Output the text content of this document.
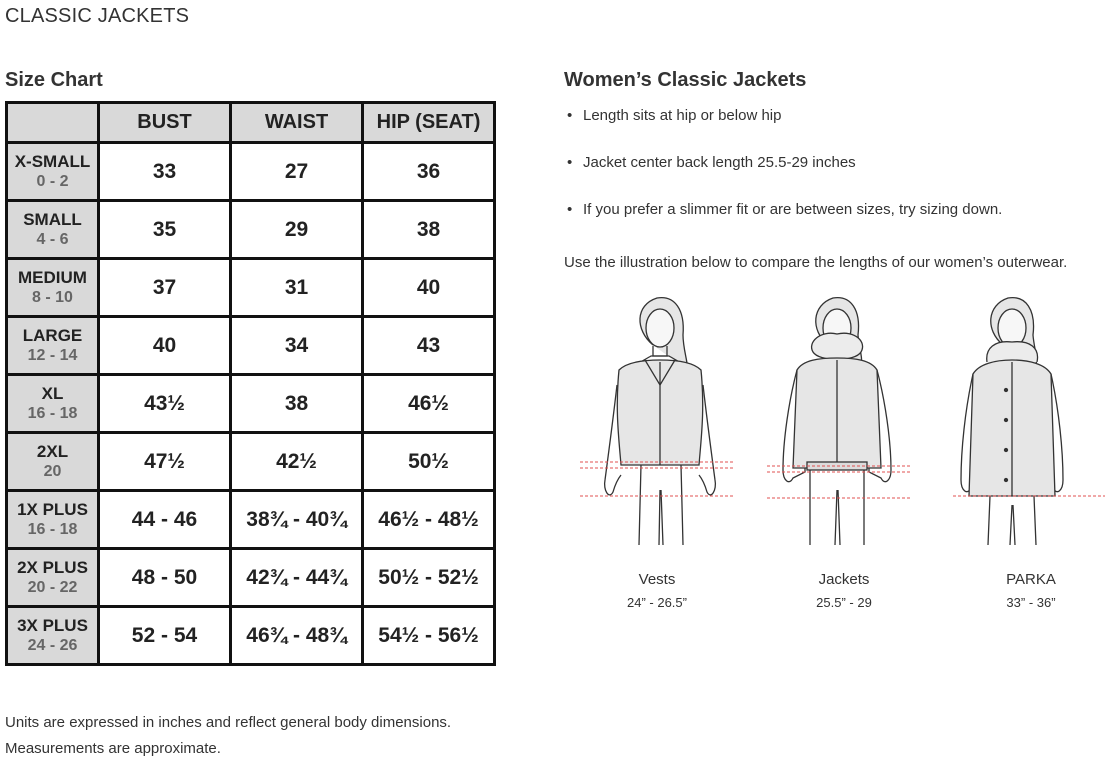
CLASSIC JACKETS
Size Chart
	BUST	WAIST	HIP (SEAT)

X-SMALL
0 - 2	33	27	36

SMALL
4 - 6	35	29	38

MEDIUM
8 - 10	37	31	40

LARGE
12 - 14	40	34	43

XL
16 - 18	43½	38	46½

2XL
20	47½	42½	50½

1X PLUS
16 - 18	44 - 46	38¾ - 40¾	46½ - 48½

2X PLUS
20 - 22	48 - 50	42¾ - 44¾	50½ - 52½

3X PLUS
24 - 26	52 - 54	46¾ - 48¾	54½ - 56½
Units are expressed in inches and reflect general body dimensions.
Measurements are approximate.
Women’s Classic Jackets
• Length sits at hip or below hip
• Jacket center back length 25.5-29 inches
• If you prefer a slimmer fit or are between sizes, try sizing down.
Use the illustration below to compare the lengths of our women’s outerwear.
Vests
24” - 26.5”
Jackets
25.5” - 29
PARKA
33” - 36”
